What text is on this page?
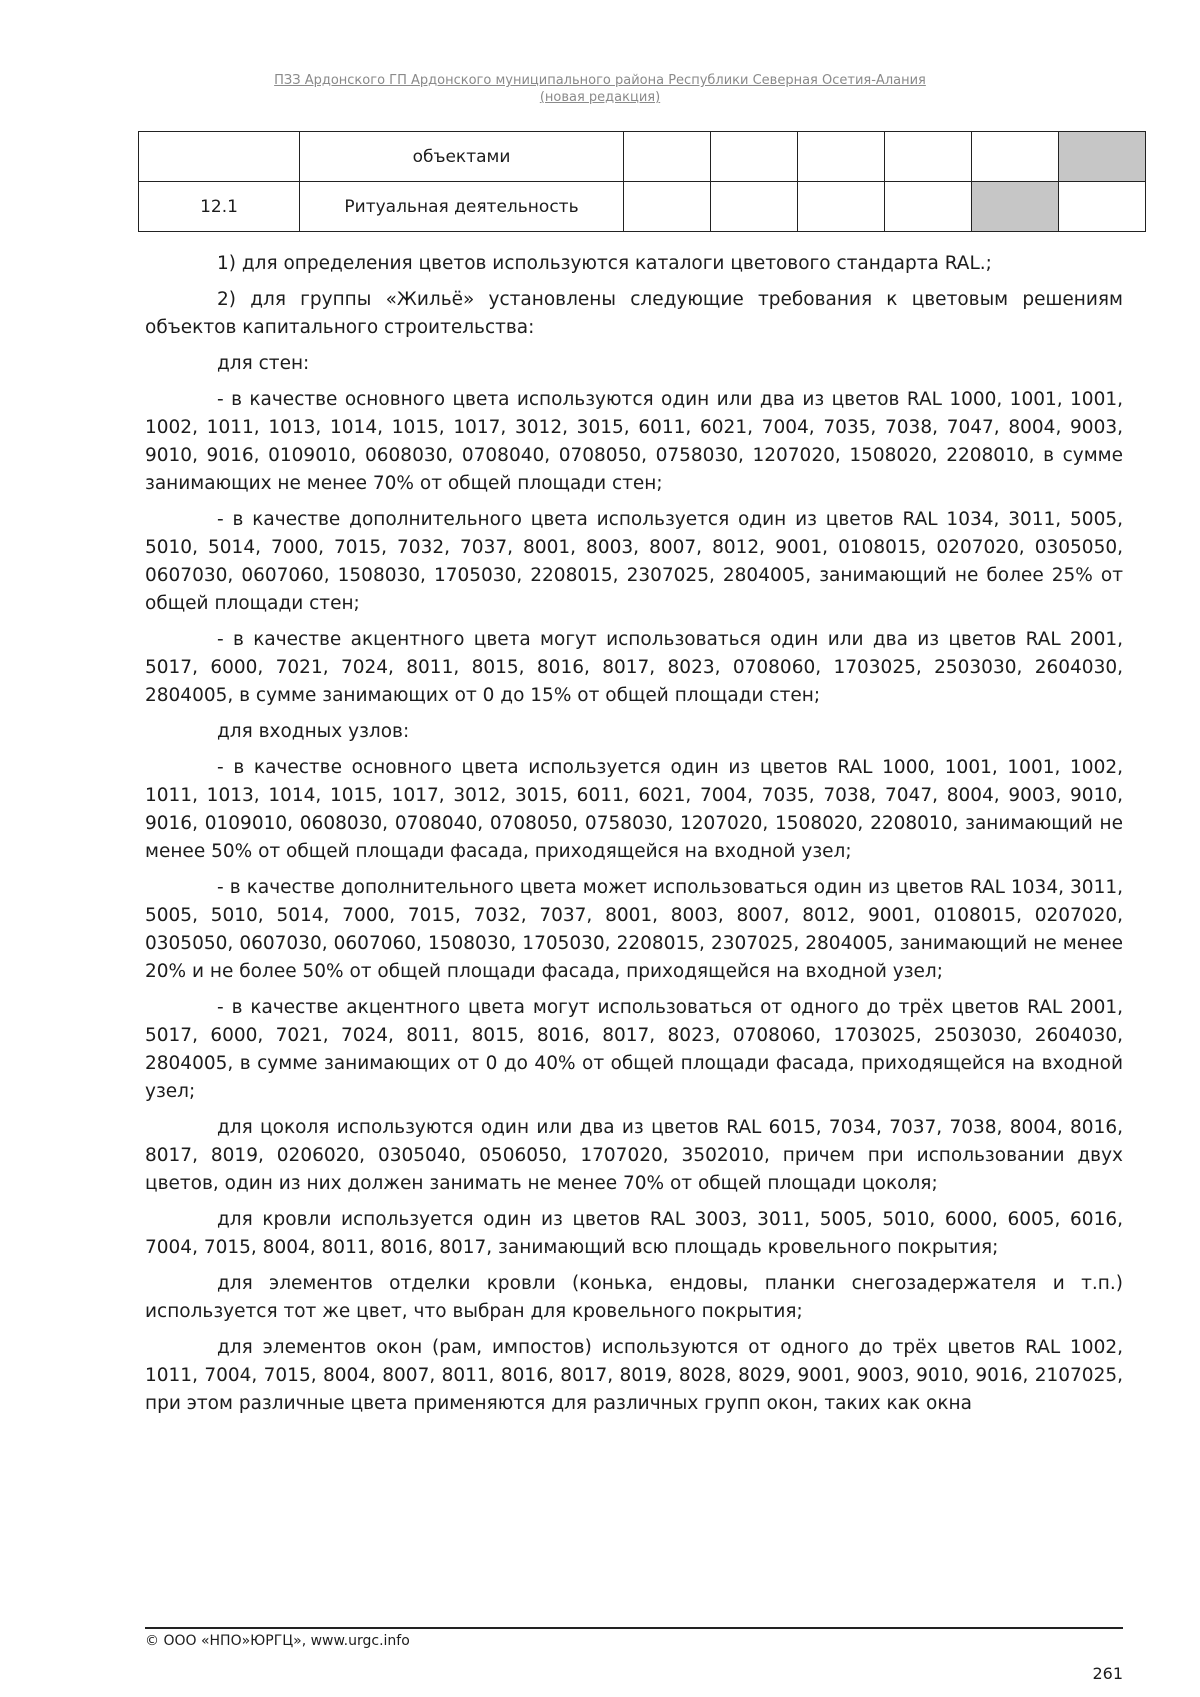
ПЗЗ Ардонского ГП Ардонского муниципального района Республики Северная Осетия-Алания
(новая редакция)
	объектами						
12.1	Ритуальная деятельность						

1) для определения цветов используются каталоги цветового стандарта RAL.;

2) для группы «Жильё» установлены следующие требования к цветовым решениям объектов капитального строительства:

для стен:

- в качестве основного цвета используются один или два из цветов RAL 1000, 1001, 1001, 1002, 1011, 1013, 1014, 1015, 1017, 3012, 3015, 6011, 6021, 7004, 7035, 7038, 7047, 8004, 9003, 9010, 9016, 0109010, 0608030, 0708040, 0708050, 0758030, 1207020, 1508020, 2208010, в сумме занимающих не менее 70% от общей площади стен;

- в качестве дополнительного цвета используется один из цветов RAL 1034, 3011, 5005, 5010, 5014, 7000, 7015, 7032, 7037, 8001, 8003, 8007, 8012, 9001, 0108015, 0207020, 0305050, 0607030, 0607060, 1508030, 1705030, 2208015, 2307025, 2804005, занимающий не более 25% от общей площади стен;

- в качестве акцентного цвета могут использоваться один или два из цветов RAL 2001, 5017, 6000, 7021, 7024, 8011, 8015, 8016, 8017, 8023, 0708060, 1703025, 2503030, 2604030, 2804005, в сумме занимающих от 0 до 15% от общей площади стен;

для входных узлов:

- в качестве основного цвета используется один из цветов RAL 1000, 1001, 1001, 1002, 1011, 1013, 1014, 1015, 1017, 3012, 3015, 6011, 6021, 7004, 7035, 7038, 7047, 8004, 9003, 9010, 9016, 0109010, 0608030, 0708040, 0708050, 0758030, 1207020, 1508020, 2208010, занимающий не менее 50% от общей площади фасада, приходящейся на входной узел;

- в качестве дополнительного цвета может использоваться один из цветов RAL 1034, 3011, 5005, 5010, 5014, 7000, 7015, 7032, 7037, 8001, 8003, 8007, 8012, 9001, 0108015, 0207020, 0305050, 0607030, 0607060, 1508030, 1705030, 2208015, 2307025, 2804005, занимающий не менее 20% и не более 50% от общей площади фасада, приходящейся на входной узел;

- в качестве акцентного цвета могут использоваться от одного до трёх цветов RAL 2001, 5017, 6000, 7021, 7024, 8011, 8015, 8016, 8017, 8023, 0708060, 1703025, 2503030, 2604030, 2804005, в сумме занимающих от 0 до 40% от общей площади фасада, приходящейся на входной узел;

для цоколя используются один или два из цветов RAL 6015, 7034, 7037, 7038, 8004, 8016, 8017, 8019, 0206020, 0305040, 0506050, 1707020, 3502010, причем при использовании двух цветов, один из них должен занимать не менее 70% от общей площади цоколя;

для кровли используется один из цветов RAL 3003, 3011, 5005, 5010, 6000, 6005, 6016, 7004, 7015, 8004, 8011, 8016, 8017, занимающий всю площадь кровельного покрытия;

для элементов отделки кровли (конька, ендовы, планки снегозадержателя и т.п.) используется тот же цвет, что выбран для кровельного покрытия;

для элементов окон (рам, импостов) используются от одного до трёх цветов RAL 1002, 1011, 7004, 7015, 8004, 8007, 8011, 8016, 8017, 8019, 8028, 8029, 9001, 9003, 9010, 9016, 2107025, при этом различные цвета применяются для различных групп окон, таких как окна

© ООО «НПО»ЮРГЦ», www.urgc.info
261
